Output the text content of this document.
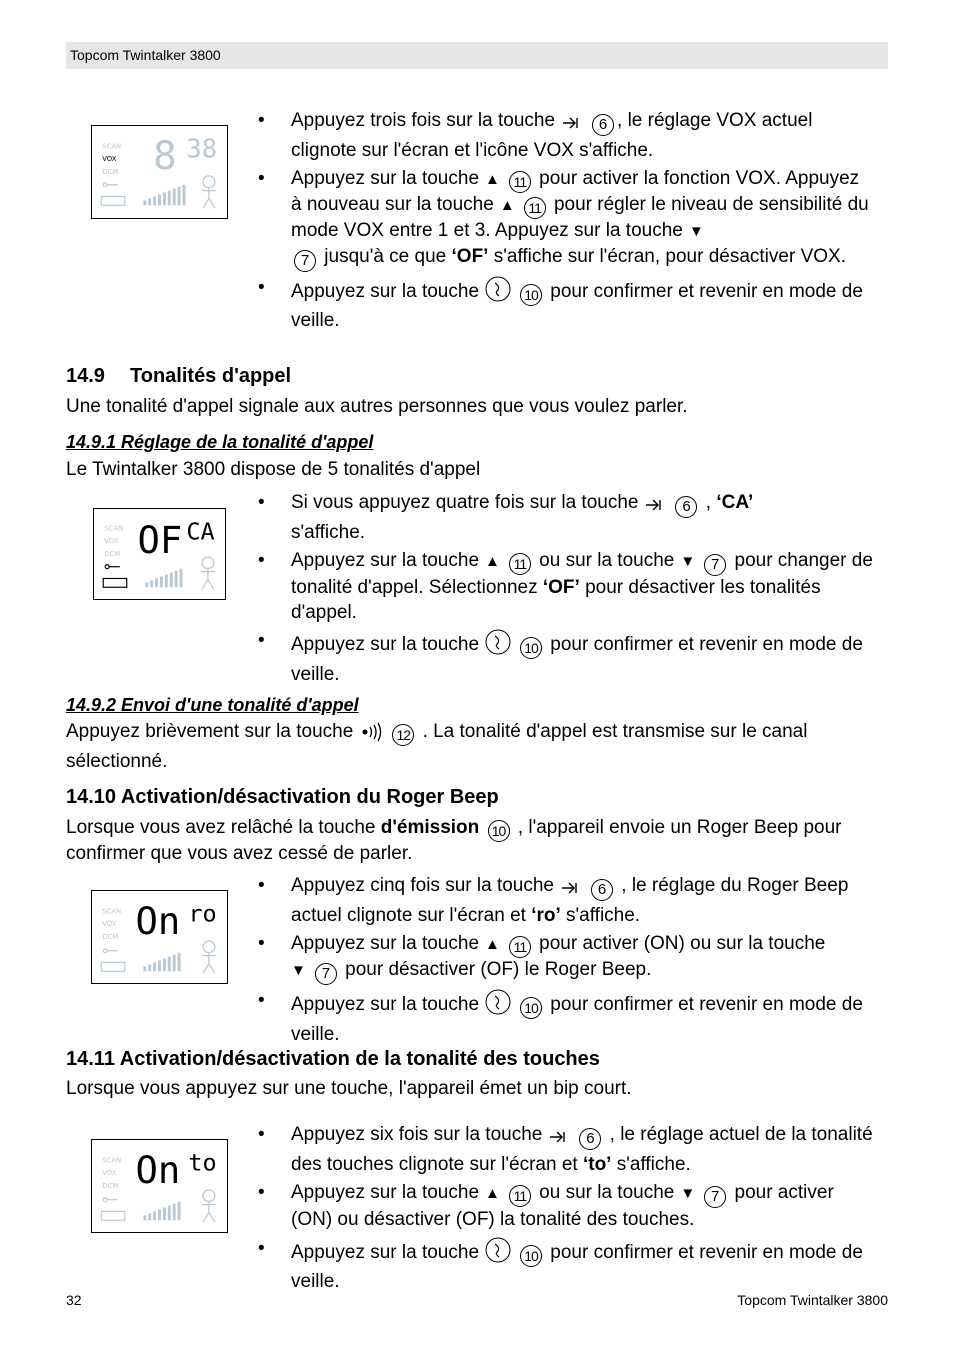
Topcom Twintalker 3800
SCAN
VOX
DCM 8 38
• Appuyez trois fois sur la touche	6 , le réglage VOX actuel clignote sur l'écran et l'icône VOX s'affiche.
• Appuyez sur la touche ▲ 11 pour activer la fonction VOX. Appuyez à nouveau sur la touche ▲ 11 pour régler le niveau de sensibilité du mode VOX entre 1 et 3. Appuyez sur la touche ▼
7 jusqu'à ce que ‘OF’ s'affiche sur l'écran, pour désactiver VOX.
• Appuyez sur la touche	10 pour confirmer et revenir en mode de veille.
14.9 Tonalités d'appel
Une tonalité d'appel signale aux autres personnes que vous voulez parler.
14.9.1 Réglage de la tonalité d'appel
Le Twintalker 3800 dispose de 5 tonalités d'appel
SCAN
VOX
DCM OF CA
• Si vous appuyez quatre fois sur la touche	6 , ‘CA’
s'affiche.
• Appuyez sur la touche ▲ 11 ou sur la touche ▼ 7 pour changer de tonalité d'appel. Sélectionnez ‘OF’ pour désactiver les tonalités d'appel.
• Appuyez sur la touche	10 pour confirmer et revenir en mode de veille.
14.9.2 Envoi d'une tonalité d'appel
Appuyez brièvement sur la touche	12 . La tonalité d'appel est transmise sur le canal sélectionné.
14.10 Activation/désactivation du Roger Beep
Lorsque vous avez relâché la touche d'émission 10 , l'appareil envoie un Roger Beep pour confirmer que vous avez cessé de parler.
SCAN
VOX
DCM On ro
• Appuyez cinq fois sur la touche	6 , le réglage du Roger Beep actuel clignote sur l'écran et ‘ro’ s'affiche.
• Appuyez sur la touche ▲ 11 pour activer (ON) ou sur la touche
▼ 7 pour désactiver (OF) le Roger Beep.
• Appuyez sur la touche	10 pour confirmer et revenir en mode de veille.
14.11 Activation/désactivation de la tonalité des touches
Lorsque vous appuyez sur une touche, l'appareil émet un bip court.
SCAN
VOX
DCM On to
• Appuyez six fois sur la touche	6 , le réglage actuel de la tonalité des touches clignote sur l'écran et ‘to’ s'affiche.
• Appuyez sur la touche ▲ 11 ou sur la touche ▼ 7 pour activer (ON) ou désactiver (OF) la tonalité des touches.
• Appuyez sur la touche	10 pour confirmer et revenir en mode de veille.
32	Topcom Twintalker 3800
